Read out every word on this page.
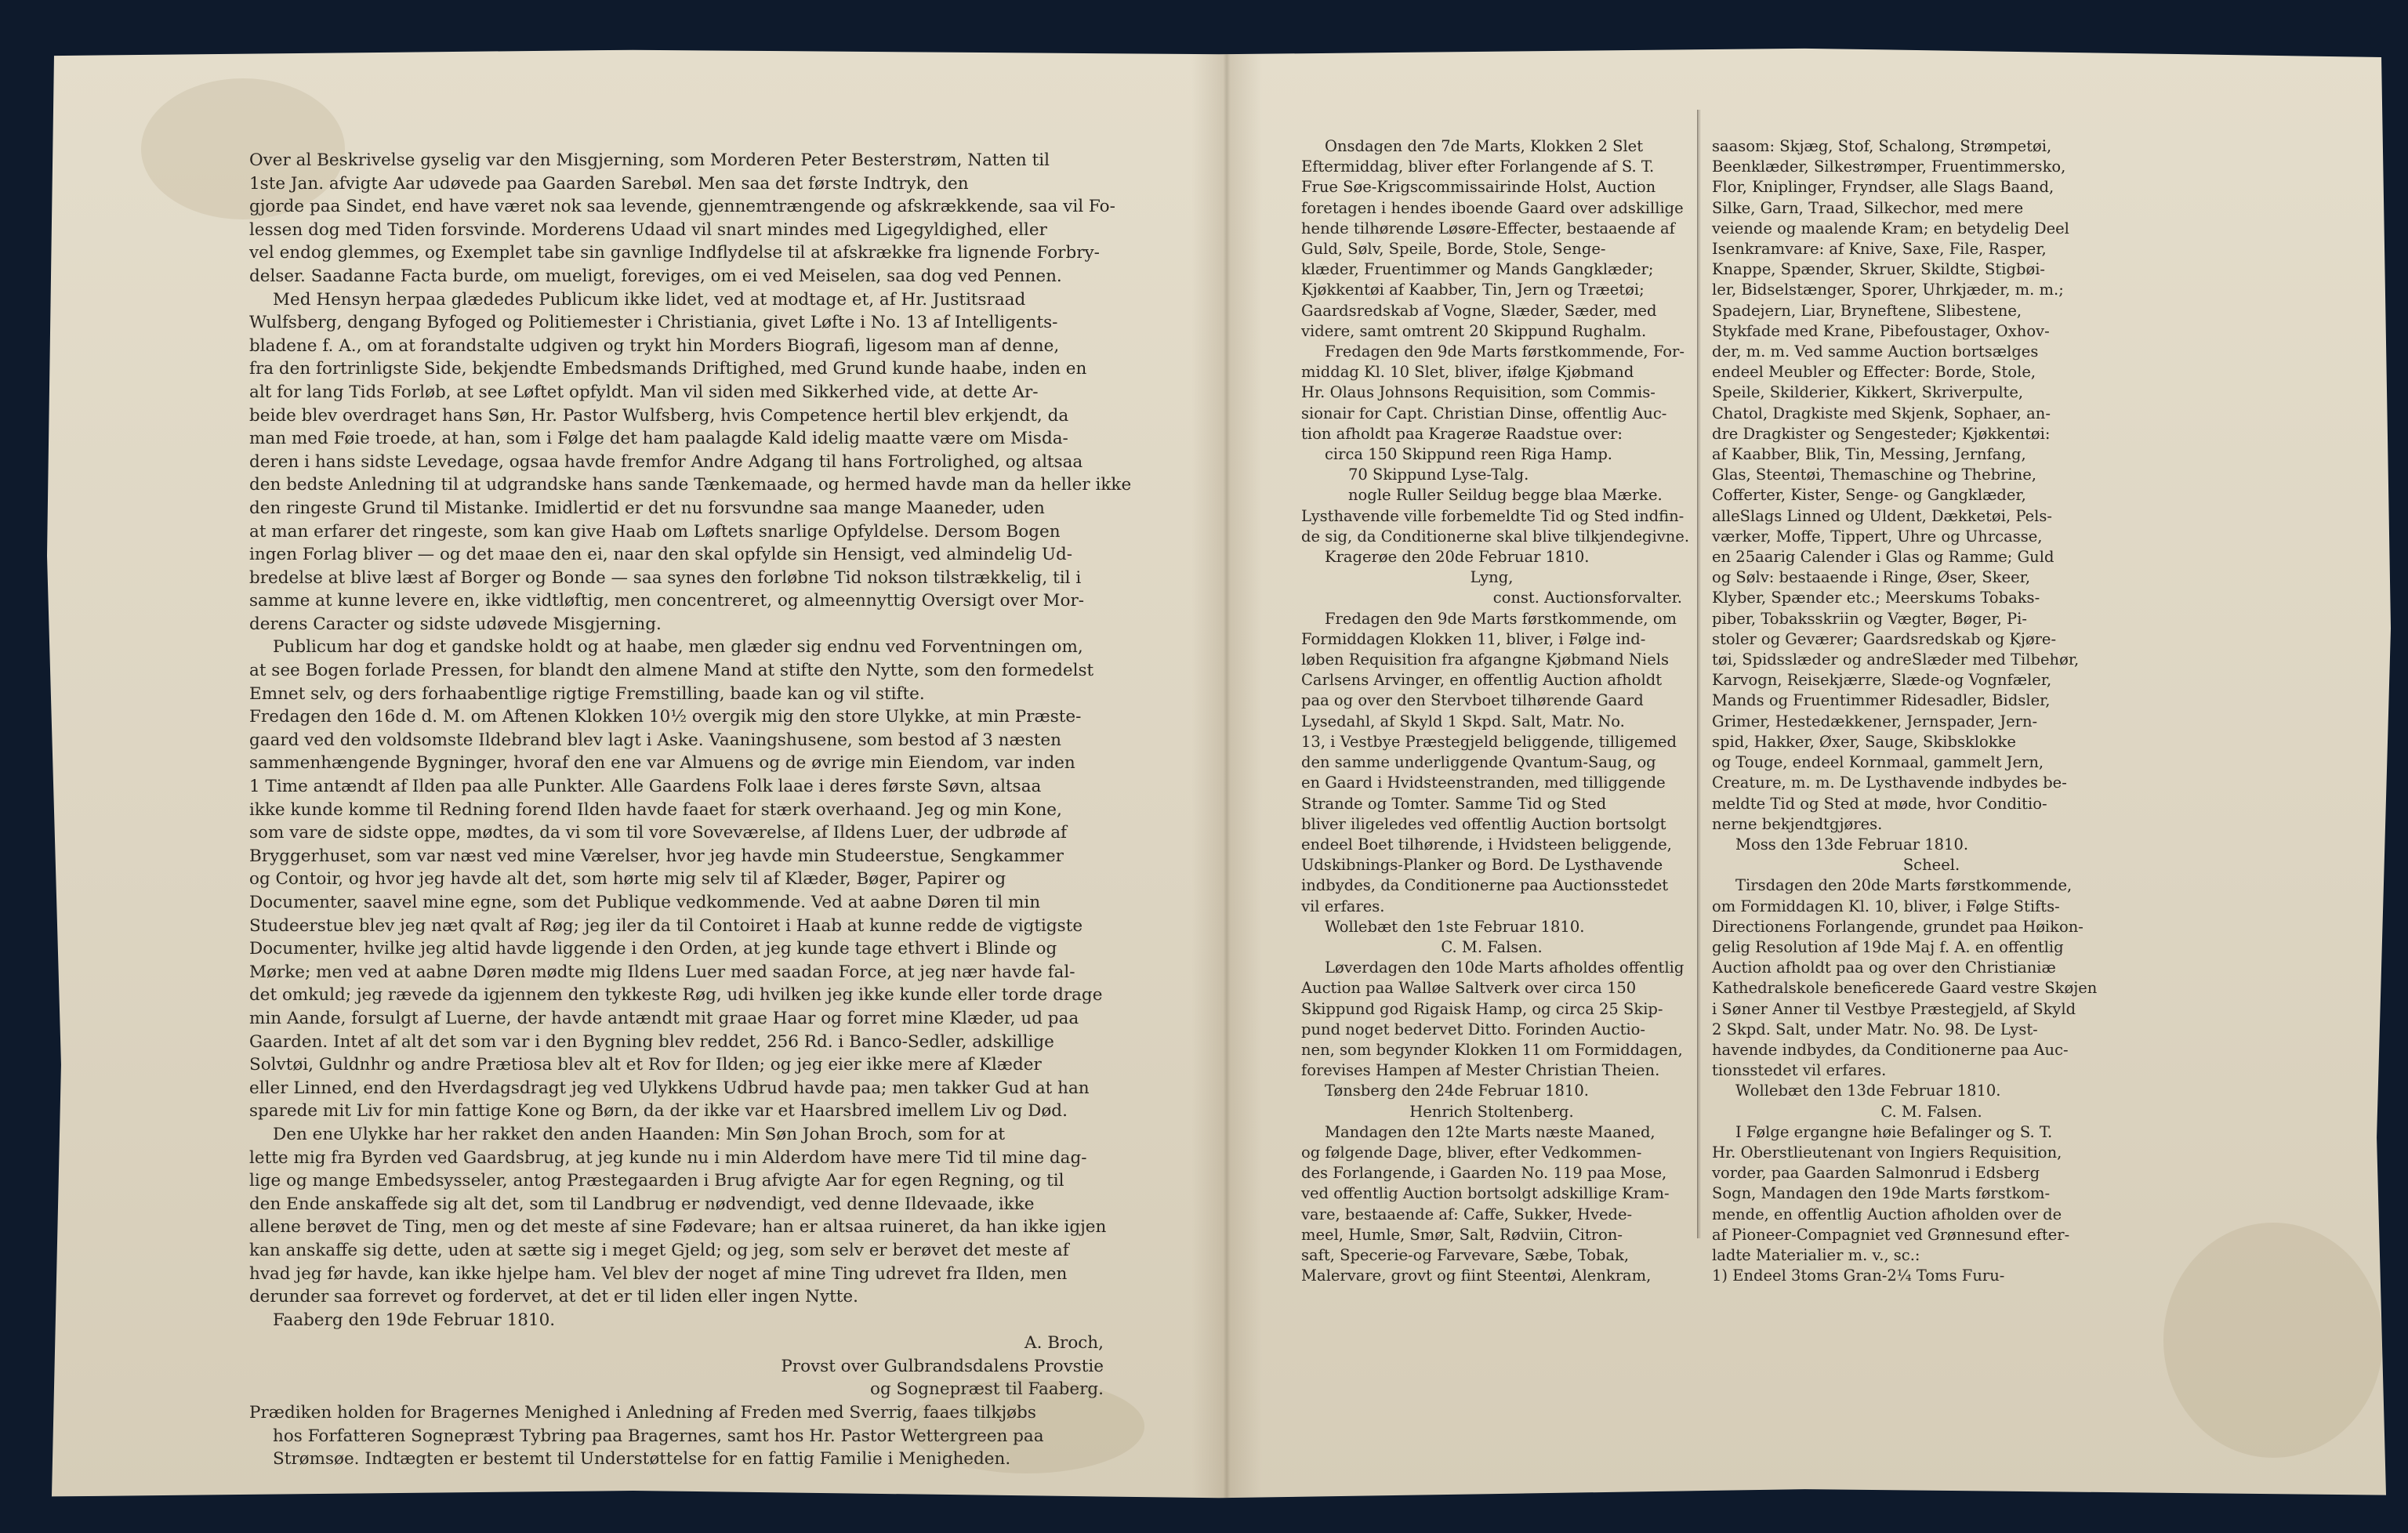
Over al Beskrivelse gyselig var den Misgjerning, som Morderen Peter Besterstrøm, Natten til
1ste Jan. afvigte Aar udøvede paa Gaarden Sarebøl. Men saa det første Indtryk, den
gjorde paa Sindet, end have været nok saa levende, gjennemtrængende og afskrækkende, saa vil Fo-
lessen dog med Tiden forsvinde. Morderens Udaad vil snart mindes med Ligegyldighed, eller
vel endog glemmes, og Exemplet tabe sin gavnlige Indflydelse til at afskrække fra lignende Forbry-
delser. Saadanne Facta burde, om mueligt, foreviges, om ei ved Meiselen, saa dog ved Pennen.
Med Hensyn herpaa glædedes Publicum ikke lidet, ved at modtage et, af Hr. Justitsraad
Wulfsberg, dengang Byfoged og Politiemester i Christiania, givet Løfte i No. 13 af Intelligents-
bladene f. A., om at forandstalte udgiven og trykt hin Morders Biografi, ligesom man af denne,
fra den fortrinligste Side, bekjendte Embedsmands Driftighed, med Grund kunde haabe, inden en
alt for lang Tids Forløb, at see Løftet opfyldt. Man vil siden med Sikkerhed vide, at dette Ar-
beide blev overdraget hans Søn, Hr. Pastor Wulfsberg, hvis Competence hertil blev erkjendt, da
man med Føie troede, at han, som i Følge det ham paalagde Kald idelig maatte være om Misda-
deren i hans sidste Levedage, ogsaa havde fremfor Andre Adgang til hans Fortrolighed, og altsaa
den bedste Anledning til at udgrandske hans sande Tænkemaade, og hermed havde man da heller ikke
den ringeste Grund til Mistanke. Imidlertid er det nu forsvundne saa mange Maaneder, uden
at man erfarer det ringeste, som kan give Haab om Løftets snarlige Opfyldelse. Dersom Bogen
ingen Forlag bliver — og det maae den ei, naar den skal opfylde sin Hensigt, ved almindelig Ud-
bredelse at blive læst af Borger og Bonde — saa synes den forløbne Tid nokson tilstrækkelig, til i
samme at kunne levere en, ikke vidtløftig, men concentreret, og almeennyttig Oversigt over Mor-
derens Caracter og sidste udøvede Misgjerning.
Publicum har dog et gandske holdt og at haabe, men glæder sig endnu ved Forventningen om,
at see Bogen forlade Pressen, for blandt den almene Mand at stifte den Nytte, som den formedelst
Emnet selv, og ders forhaabentlige rigtige Fremstilling, baade kan og vil stifte.
Fredagen den 16de d. M. om Aftenen Klokken 10½ overgik mig den store Ulykke, at min Præste-
gaard ved den voldsomste Ildebrand blev lagt i Aske. Vaaningshusene, som bestod af 3 næsten
sammenhængende Bygninger, hvoraf den ene var Almuens og de øvrige min Eiendom, var inden
1 Time antændt af Ilden paa alle Punkter. Alle Gaardens Folk laae i deres første Søvn, altsaa
ikke kunde komme til Redning forend Ilden havde faaet for stærk overhaand. Jeg og min Kone,
som vare de sidste oppe, mødtes, da vi som til vore Soveværelse, af Ildens Luer, der udbrøde af
Bryggerhuset, som var næst ved mine Værelser, hvor jeg havde min Studeerstue, Sengkammer
og Contoir, og hvor jeg havde alt det, som hørte mig selv til af Klæder, Bøger, Papirer og
Documenter, saavel mine egne, som det Publique vedkommende. Ved at aabne Døren til min
Studeerstue blev jeg næt qvalt af Røg; jeg iler da til Contoiret i Haab at kunne redde de vigtigste
Documenter, hvilke jeg altid havde liggende i den Orden, at jeg kunde tage ethvert i Blinde og
Mørke; men ved at aabne Døren mødte mig Ildens Luer med saadan Force, at jeg nær havde fal-
det omkuld; jeg rævede da igjennem den tykkeste Røg, udi hvilken jeg ikke kunde eller torde drage
min Aande, forsulgt af Luerne, der havde antændt mit graae Haar og forret mine Klæder, ud paa
Gaarden. Intet af alt det som var i den Bygning blev reddet, 256 Rd. i Banco-Sedler, adskillige
Solvtøi, Guldnhr og andre Prætiosa blev alt et Rov for Ilden; og jeg eier ikke mere af Klæder
eller Linned, end den Hverdagsdragt jeg ved Ulykkens Udbrud havde paa; men takker Gud at han
sparede mit Liv for min fattige Kone og Børn, da der ikke var et Haarsbred imellem Liv og Død.
Den ene Ulykke har her rakket den anden Haanden: Min Søn Johan Broch, som for at
lette mig fra Byrden ved Gaardsbrug, at jeg kunde nu i min Alderdom have mere Tid til mine dag-
lige og mange Embedsysseler, antog Præstegaarden i Brug afvigte Aar for egen Regning, og til
den Ende anskaffede sig alt det, som til Landbrug er nødvendigt, ved denne Ildevaade, ikke
allene berøvet de Ting, men og det meste af sine Fødevare; han er altsaa ruineret, da han ikke igjen
kan anskaffe sig dette, uden at sætte sig i meget Gjeld; og jeg, som selv er berøvet det meste af
hvad jeg før havde, kan ikke hjelpe ham. Vel blev der noget af mine Ting udrevet fra Ilden, men
derunder saa forrevet og fordervet, at det er til liden eller ingen Nytte.
Faaberg den 19de Februar 1810.
A. Broch,
Provst over Gulbrandsdalens Provstie
og Sognepræst til Faaberg.
Prædiken holden for Bragernes Menighed i Anledning af Freden med Sverrig, faaes tilkjøbs
hos Forfatteren Sognepræst Tybring paa Bragernes, samt hos Hr. Pastor Wettergreen paa
Strømsøe. Indtægten er bestemt til Understøttelse for en fattig Familie i Menigheden.
Onsdagen den 7de Marts, Klokken 2 Slet
Eftermiddag, bliver efter Forlangende af S. T.
Frue Søe-Krigscommissairinde Holst, Auction
foretagen i hendes iboende Gaard over adskillige
hende tilhørende Løsøre-Effecter, bestaaende af
Guld, Sølv, Speile, Borde, Stole, Senge-
klæder, Fruentimmer og Mands Gangklæder;
Kjøkkentøi af Kaabber, Tin, Jern og Træetøi;
Gaardsredskab af Vogne, Slæder, Sæder, med
videre, samt omtrent 20 Skippund Rughalm.
Fredagen den 9de Marts førstkommende, For-
middag Kl. 10 Slet, bliver, ifølge Kjøbmand
Hr. Olaus Johnsons Requisition, som Commis-
sionair for Capt. Christian Dinse, offentlig Auc-
tion afholdt paa Kragerøe Raadstue over:
circa 150 Skippund reen Riga Hamp.
70 Skippund Lyse-Talg.
nogle Ruller Seildug begge blaa Mærke.
Lysthavende ville forbemeldte Tid og Sted indfin-
de sig, da Conditionerne skal blive tilkjendegivne.
Kragerøe den 20de Februar 1810.
Lyng,
const. Auctionsforvalter.
Fredagen den 9de Marts førstkommende, om
Formiddagen Klokken 11, bliver, i Følge ind-
løben Requisition fra afgangne Kjøbmand Niels
Carlsens Arvinger, en offentlig Auction afholdt
paa og over den Stervboet tilhørende Gaard
Lysedahl, af Skyld 1 Skpd. Salt, Matr. No.
13, i Vestbye Præstegjeld beliggende, tilligemed
den samme underliggende Qvantum-Saug, og
en Gaard i Hvidsteenstranden, med tilliggende
Strande og Tomter. Samme Tid og Sted
bliver iligeledes ved offentlig Auction bortsolgt
endeel Boet tilhørende, i Hvidsteen beliggende,
Udskibnings-Planker og Bord. De Lysthavende
indbydes, da Conditionerne paa Auctionsstedet
vil erfares.
Wollebæt den 1ste Februar 1810.
C. M. Falsen.
Løverdagen den 10de Marts afholdes offentlig
Auction paa Walløe Saltverk over circa 150
Skippund god Rigaisk Hamp, og circa 25 Skip-
pund noget bedervet Ditto. Forinden Auctio-
nen, som begynder Klokken 11 om Formiddagen,
forevises Hampen af Mester Christian Theien.
Tønsberg den 24de Februar 1810.
Henrich Stoltenberg.
Mandagen den 12te Marts næste Maaned,
og følgende Dage, bliver, efter Vedkommen-
des Forlangende, i Gaarden No. 119 paa Mose,
ved offentlig Auction bortsolgt adskillige Kram-
vare, bestaaende af: Caffe, Sukker, Hvede-
meel, Humle, Smør, Salt, Rødviin, Citron-
saft, Specerie-og Farvevare, Sæbe, Tobak,
Malervare, grovt og fiint Steentøi, Alenkram,
saasom: Skjæg, Stof, Schalong, Strømpetøi,
Beenklæder, Silkestrømper, Fruentimmersko,
Flor, Kniplinger, Fryndser, alle Slags Baand,
Silke, Garn, Traad, Silkechor, med mere
veiende og maalende Kram; en betydelig Deel
Isenkramvare: af Knive, Saxe, File, Rasper,
Knappe, Spænder, Skruer, Skildte, Stigbøi-
ler, Bidselstænger, Sporer, Uhrkjæder, m. m.;
Spadejern, Liar, Bryneftene, Slibestene,
Stykfade med Krane, Pibefoustager, Oxhov-
der, m. m. Ved samme Auction bortsælges
endeel Meubler og Effecter: Borde, Stole,
Speile, Skilderier, Kikkert, Skriverpulte,
Chatol, Dragkiste med Skjenk, Sophaer, an-
dre Dragkister og Sengesteder; Kjøkkentøi:
af Kaabber, Blik, Tin, Messing, Jernfang,
Glas, Steentøi, Themaschine og Thebrine,
Cofferter, Kister, Senge- og Gangklæder,
alleSlags Linned og Uldent, Dækketøi, Pels-
værker, Moffe, Tippert, Uhre og Uhrcasse,
en 25aarig Calender i Glas og Ramme; Guld
og Sølv: bestaaende i Ringe, Øser, Skeer,
Klyber, Spænder etc.; Meerskums Tobaks-
piber, Tobaksskriin og Vægter, Bøger, Pi-
stoler og Geværer; Gaardsredskab og Kjøre-
tøi, Spidsslæder og andreSlæder med Tilbehør,
Karvogn, Reisekjærre, Slæde-og Vognfæler,
Mands og Fruentimmer Ridesadler, Bidsler,
Grimer, Hestedækkener, Jernspader, Jern-
spid, Hakker, Øxer, Sauge, Skibsklokke
og Touge, endeel Kornmaal, gammelt Jern,
Creature, m. m. De Lysthavende indbydes be-
meldte Tid og Sted at møde, hvor Conditio-
nerne bekjendtgjøres.
Moss den 13de Februar 1810.
Scheel.
Tirsdagen den 20de Marts førstkommende,
om Formiddagen Kl. 10, bliver, i Følge Stifts-
Directionens Forlangende, grundet paa Høikon-
gelig Resolution af 19de Maj f. A. en offentlig
Auction afholdt paa og over den Christianiæ
Kathedralskole beneficerede Gaard vestre Skøjen
i Søner Anner til Vestbye Præstegjeld, af Skyld
2 Skpd. Salt, under Matr. No. 98. De Lyst-
havende indbydes, da Conditionerne paa Auc-
tionsstedet vil erfares.
Wollebæt den 13de Februar 1810.
C. M. Falsen.
I Følge ergangne høie Befalinger og S. T.
Hr. Oberstlieutenant von Ingiers Requisition,
vorder, paa Gaarden Salmonrud i Edsberg
Sogn, Mandagen den 19de Marts førstkom-
mende, en offentlig Auction afholden over de
af Pioneer-Compagniet ved Grønnesund efter-
ladte Materialier m. v., sc.:
1) Endeel 3toms Gran-2¼ Toms Furu-
